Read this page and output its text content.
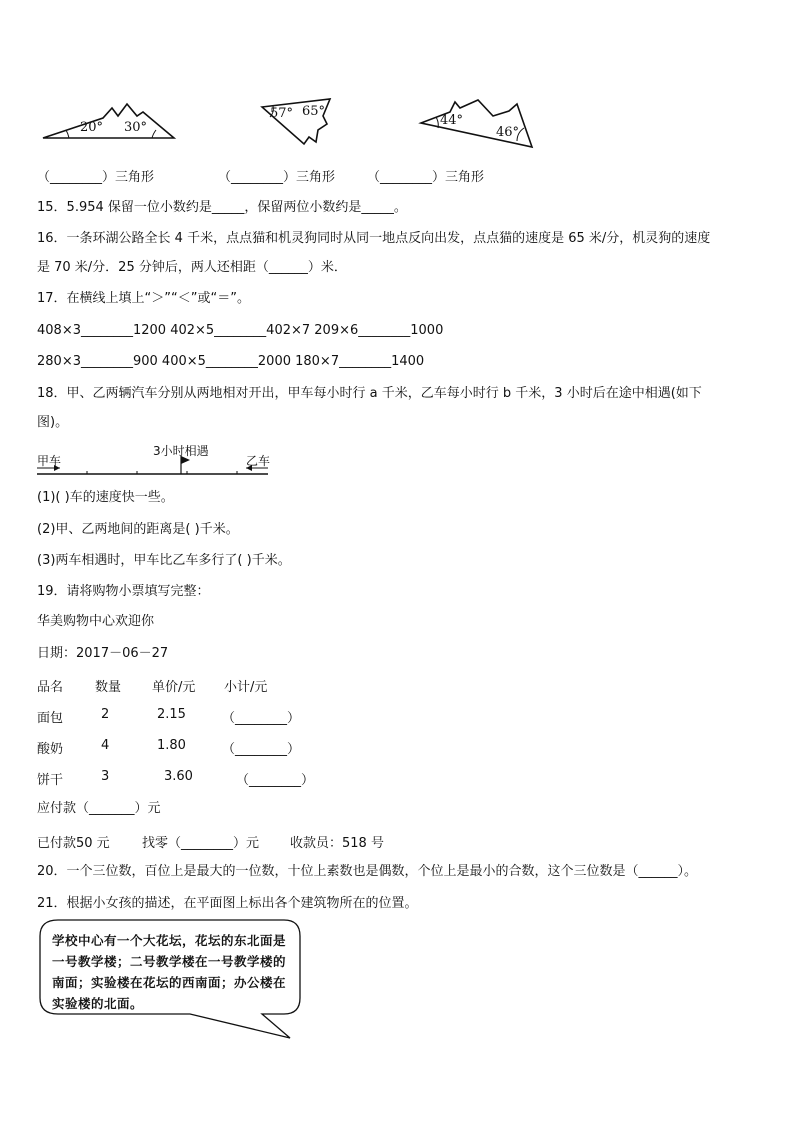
20° 30°
57° 65°
44°
46°
（________）三角形	（________）三角形 （________）三角形
15．5.954 保留一位小数约是_____，保留两位小数约是_____。
16．一条环湖公路全长 4 千米，点点猫和机灵狗同时从同一地点反向出发，点点猫的速度是 65 米/分，机灵狗的速度
是 70 米/分．25 分钟后，两人还相距（______）米．
17．在横线上填上“＞”“＜”或“＝”。
408×3________1200 402×5________402×7 209×6________1000
280×3________900 400×5________2000 180×7________1400
18．甲、乙两辆汽车分别从两地相对开出，甲车每小时行 a 千米，乙车每小时行 b 千米，3 小时后在途中相遇(如下
图)。
甲车	乙车
3小时相遇
(1)( )车的速度快一些。
(2)甲、乙两地间的距离是( )千米。
(3)两车相遇时，甲车比乙车多行了( )千米。
19．请将购物小票填写完整：
华美购物中心欢迎你
日期：2017－06－27
品名 数量 单价/元 小计/元
面包	2	2.15	（________）
酸奶	4	1.80	（________）
饼干	3	3.60	（________）
应付款（_______）元
已付款50 元 找零（________）元 收款员：518 号
20．一个三位数，百位上是最大的一位数，十位上素数也是偶数，个位上是最小的合数，这个三位数是（______）。
21．根据小女孩的描述，在平面图上标出各个建筑物所在的位置。
学校中心有一个大花坛，花坛的东北面是一号教学楼；二号教学楼在一号教学楼的南面；实验楼在花坛的西南面；办公楼在实验楼的北面。
